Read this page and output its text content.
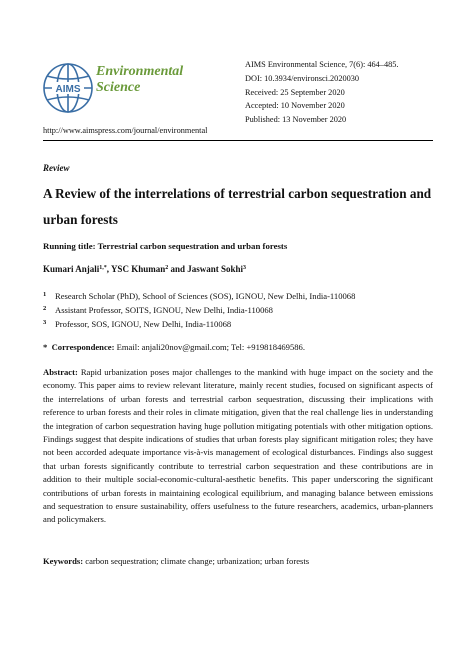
AIMS
Environmental
Science
AIMS Environmental Science, 7(6): 464–485.
DOI: 10.3934/environsci.2020030
Received: 25 September 2020
Accepted: 10 November 2020
Published: 13 November 2020
http://www.aimspress.com/journal/environmental
Review
A Review of the interrelations of terrestrial carbon sequestration and
urban forests
Running title: Terrestrial carbon sequestration and urban forests
Kumari Anjali$^{1,*}$, YSC Khuman$^2$ and Jaswant Sokhi$^3$
1 Research Scholar (PhD), School of Sciences (SOS), IGNOU, New Delhi, India-110068
2 Assistant Professor, SOITS, IGNOU, New Delhi, India-110068
3 Professor, SOS, IGNOU, New Delhi, India-110068
* Correspondence: Email: anjali20nov@gmail.com; Tel: +919818469586.
Abstract: Rapid urbanization poses major challenges to the mankind with huge impact on the society and the economy. This paper aims to review relevant literature, mainly recent studies, focused on significant aspects of the interrelations of urban forests and terrestrial carbon sequestration, discussing their implications with reference to urban forests and their roles in climate mitigation, given that the real challenge lies in understanding the integration of carbon sequestration having huge pollution mitigating potentials with other mitigation options. Findings suggest that despite indications of studies that urban forests play significant mitigation roles; they have not been accorded adequate importance vis-à-vis management of ecological disturbances. Findings also suggest that urban forests significantly contribute to terrestrial carbon sequestration and these contributions are in addition to their multiple social-economic-cultural-aesthetic benefits. This paper underscoring the significant contributions of urban forests in maintaining ecological equilibrium, and managing balance between emissions and sequestration to ensure sustainability, offers usefulness to the future researchers, academics, urban-planners and policymakers.
Keywords: carbon sequestration; climate change; urbanization; urban forests
